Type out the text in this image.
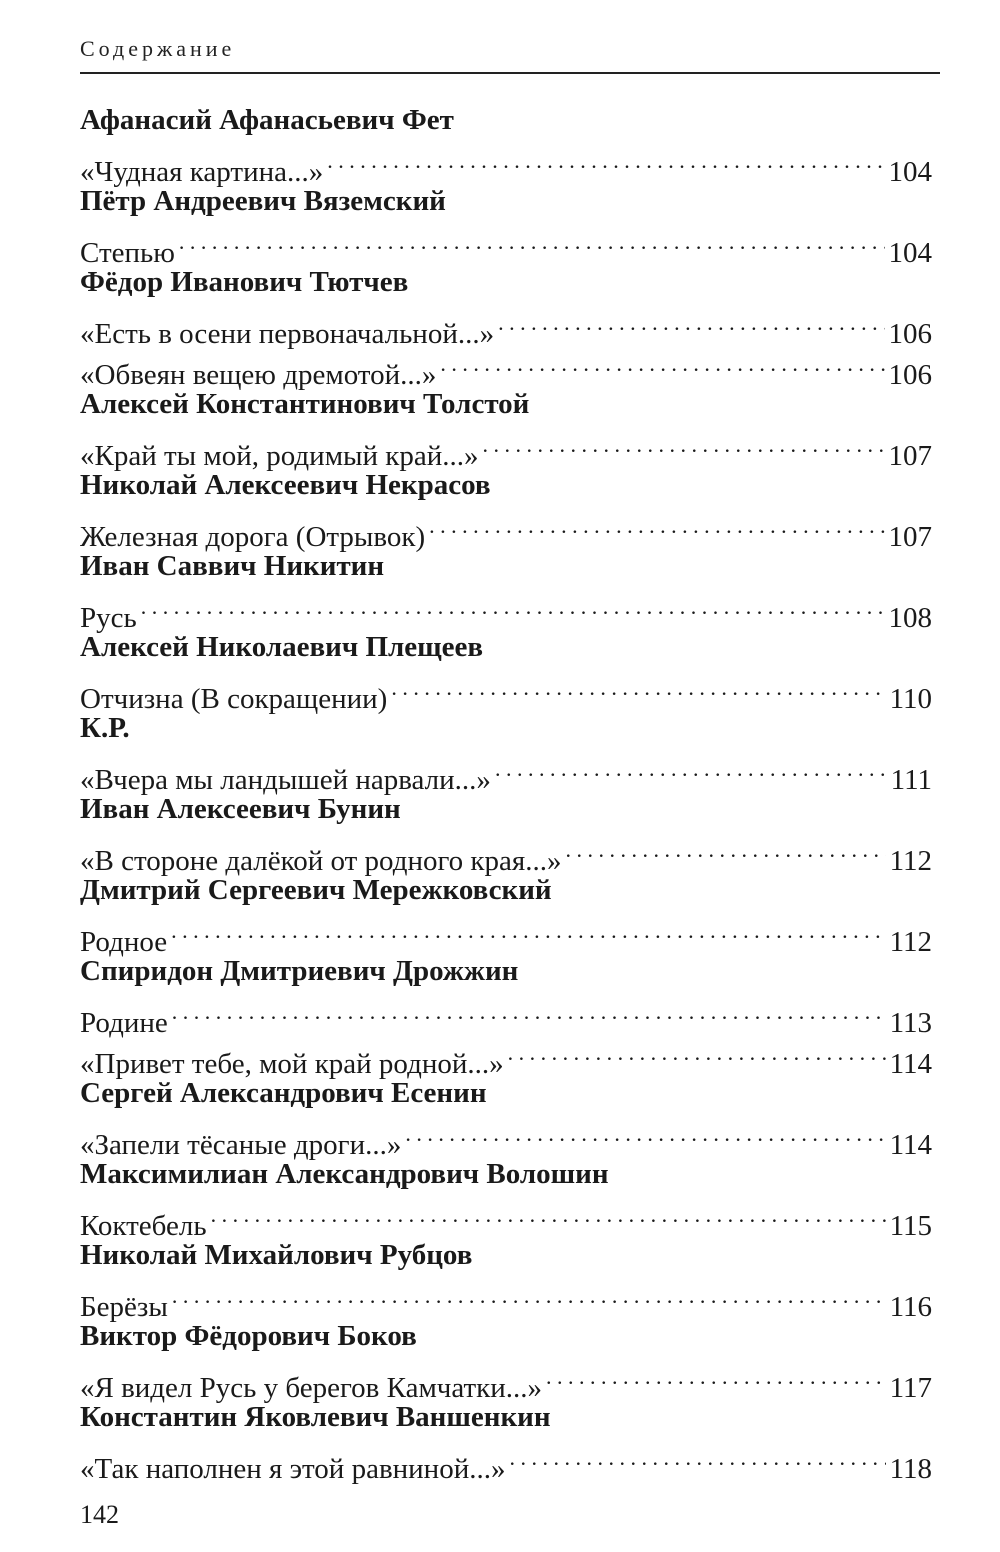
Содержание
Афанасий Афанасьевич Фет
«Чудная картина...» . . .	104
Пётр Андреевич Вяземский
Степью . . .	104
Фёдор Иванович Тютчев
«Есть в осени первоначальной...» . . .	106
«Обвеян вещею дремотой...» . . .	106
Алексей Константинович Толстой
«Край ты мой, родимый край...» . . .	107
Николай Алексеевич Некрасов
Железная дорога (Отрывок) . . .	107
Иван Саввич Никитин
Русь . . .	108
Алексей Николаевич Плещеев
Отчизна (В сокращении) . . .	110
К.Р.
«Вчера мы ландышей нарвали...» . . .	111
Иван Алексеевич Бунин
«В стороне далёкой от родного края...» . . .	112
Дмитрий Сергеевич Мережковский
Родное . . .	112
Спиридон Дмитриевич Дрожжин
Родине . . .	113
«Привет тебе, мой край родной...» . . .	114
Сергей Александрович Есенин
«Запели тёсаные дроги...» . . .	114
Максимилиан Александрович Волошин
Коктебель . . .	115
Николай Михайлович Рубцов
Берёзы . . .	116
Виктор Фёдорович Боков
«Я видел Русь у берегов Камчатки...» . . .	117
Константин Яковлевич Ваншенкин
«Так наполнен я этой равниной...» . . .	118
142
